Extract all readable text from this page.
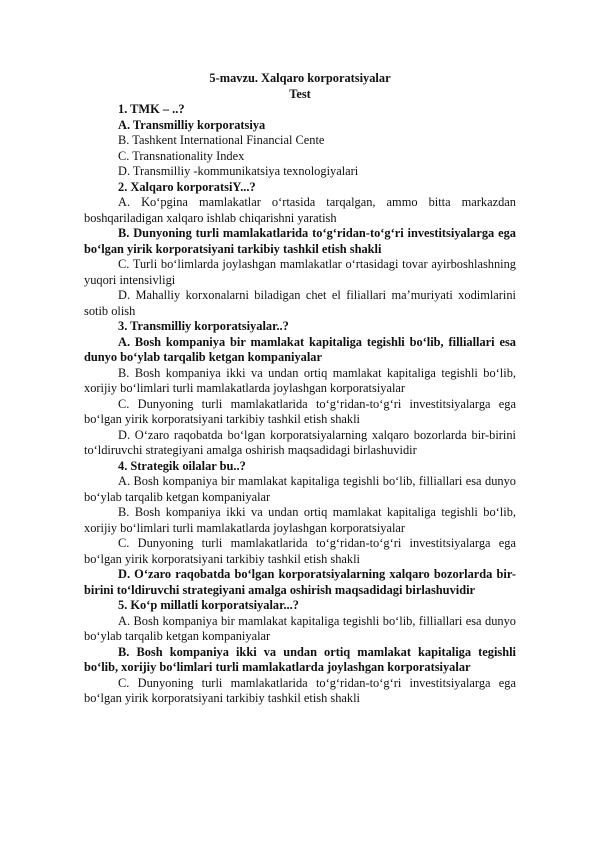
5-mavzu. Xalqaro korporatsiyalar

Test

1. TMK – ..?

A. Transmilliy korporatsiya

B. Tashkent International Financial Cente

C. Transnationality Index

D. Transmilliy -kommunikatsiya texnologiyalari

2. Xalqaro korporatsiY...?

A. Ko‘pgina mamlakatlar o‘rtasida tarqalgan, ammo bitta markazdan boshqariladigan xalqaro ishlab chiqarishni yaratish

B. Dunyoning turli mamlakatlarida to‘g‘ridan-to‘g‘ri investitsiyalarga ega bo‘lgan yirik korporatsiyani tarkibiy tashkil etish shakli

C. Turli bo‘limlarda joylashgan mamlakatlar o‘rtasidagi tovar ayirboshlashning yuqori intensivligi

D. Mahalliy korxonalarni biladigan chet el filiallari ma’muriyati xodimlarini sotib olish

3. Transmilliy korporatsiyalar..?

A. Bosh kompaniya bir mamlakat kapitaliga tegishli bo‘lib, filliallari esa dunyo bo‘ylab tarqalib ketgan kompaniyalar

B. Bosh kompaniya ikki va undan ortiq mamlakat kapitaliga tegishli bo‘lib, xorijiy bo‘limlari turli mamlakatlarda joylashgan korporatsiyalar

C. Dunyoning turli mamlakatlarida to‘g‘ridan-to‘g‘ri investitsiyalarga ega bo‘lgan yirik korporatsiyani tarkibiy tashkil etish shakli

D. O‘zaro raqobatda bo‘lgan korporatsiyalarning xalqaro bozorlarda bir-birini to‘ldiruvchi strategiyani amalga oshirish maqsadidagi birlashuvidir

4. Strategik oilalar bu..?

A. Bosh kompaniya bir mamlakat kapitaliga tegishli bo‘lib, filliallari esa dunyo bo‘ylab tarqalib ketgan kompaniyalar

B. Bosh kompaniya ikki va undan ortiq mamlakat kapitaliga tegishli bo‘lib, xorijiy bo‘limlari turli mamlakatlarda joylashgan korporatsiyalar

C. Dunyoning turli mamlakatlarida to‘g‘ridan-to‘g‘ri investitsiyalarga ega bo‘lgan yirik korporatsiyani tarkibiy tashkil etish shakli

D. O‘zaro raqobatda bo‘lgan korporatsiyalarning xalqaro bozorlarda bir-birini to‘ldiruvchi strategiyani amalga oshirish maqsadidagi birlashuvidir

5. Ko‘p millatli korporatsiyalar...?

A. Bosh kompaniya bir mamlakat kapitaliga tegishli bo‘lib, filliallari esa dunyo bo‘ylab tarqalib ketgan kompaniyalar

B. Bosh kompaniya ikki va undan ortiq mamlakat kapitaliga tegishli bo‘lib, xorijiy bo‘limlari turli mamlakatlarda joylashgan korporatsiyalar

C. Dunyoning turli mamlakatlarida to‘g‘ridan-to‘g‘ri investitsiyalarga ega bo‘lgan yirik korporatsiyani tarkibiy tashkil etish shakli
